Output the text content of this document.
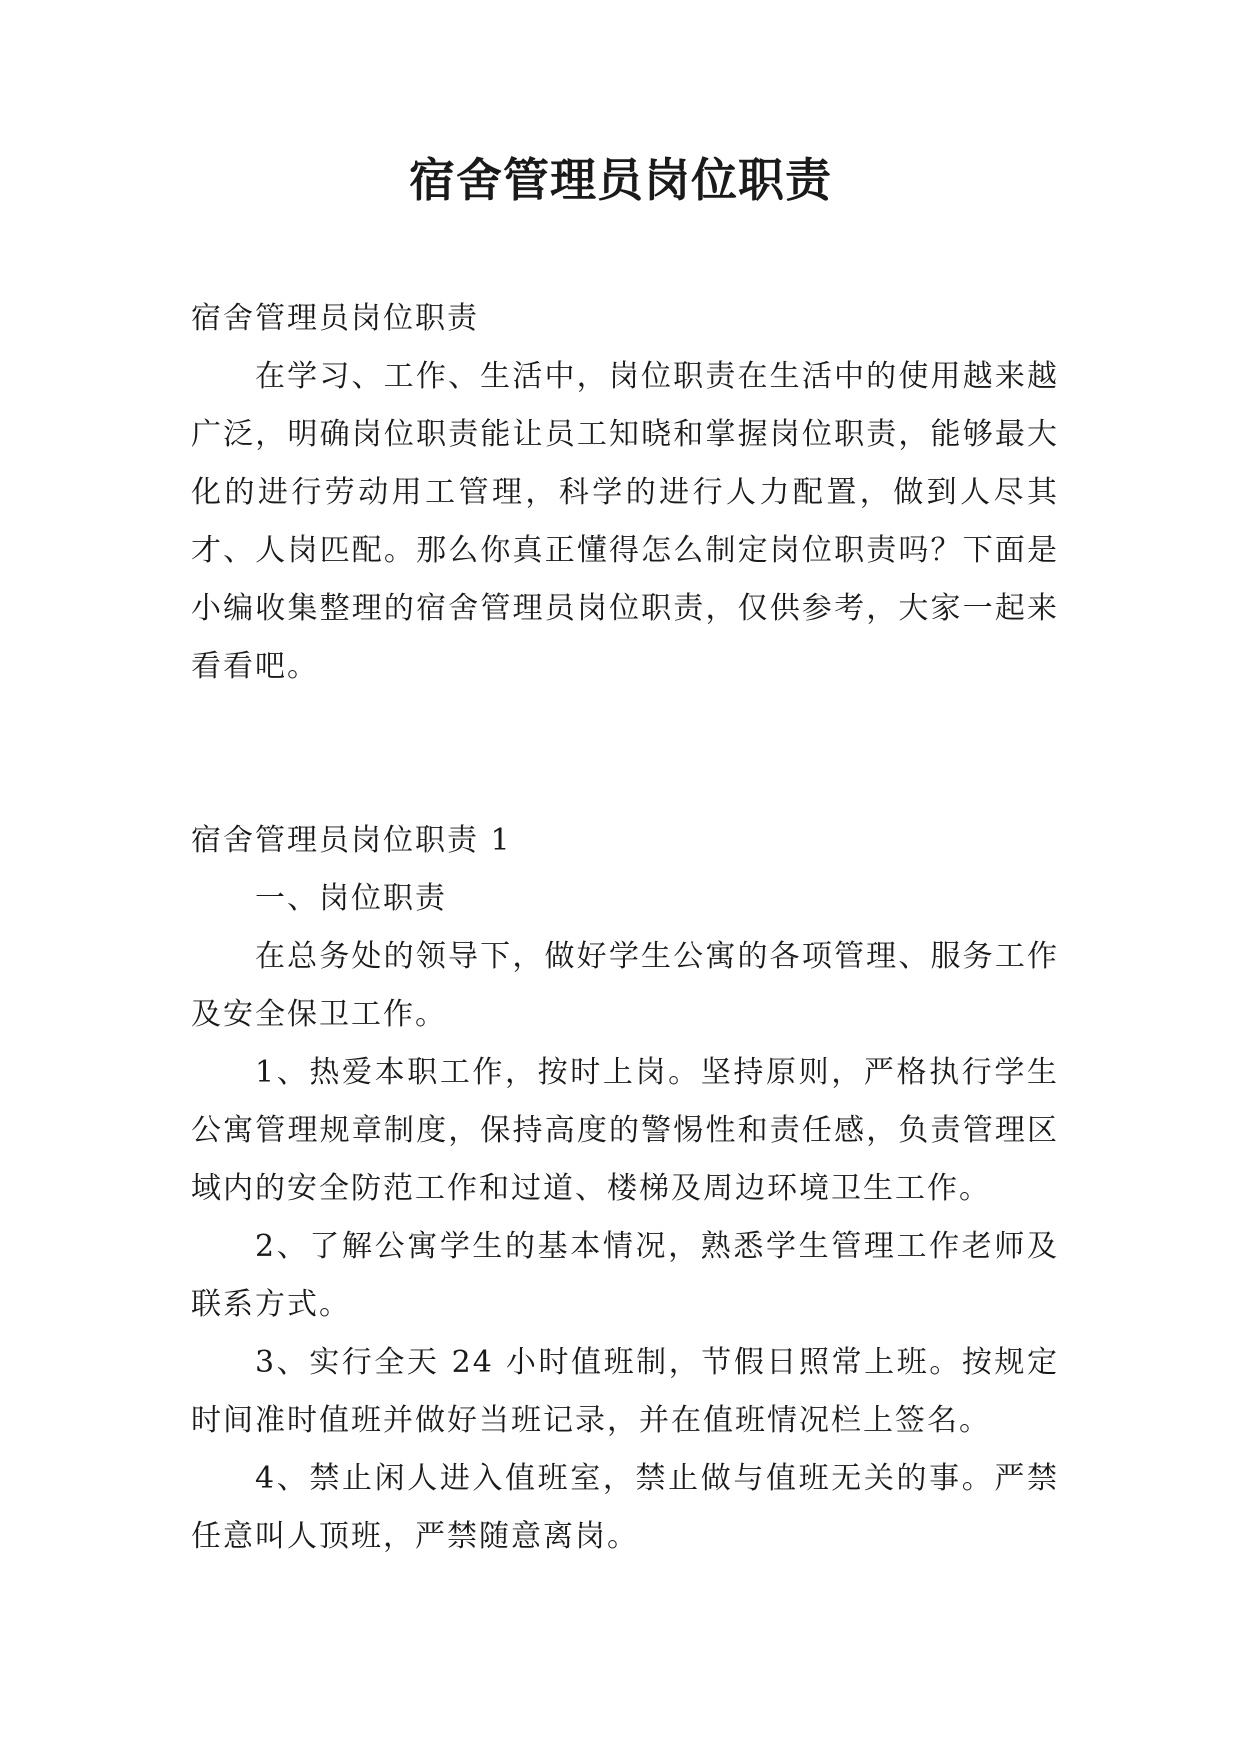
宿舍管理员岗位职责

宿舍管理员岗位职责

在学习、工作、生活中，岗位职责在生活中的使用越来越广泛，明确岗位职责能让员工知晓和掌握岗位职责，能够最大化的进行劳动用工管理，科学的进行人力配置，做到人尽其才、人岗匹配。那么你真正懂得怎么制定岗位职责吗？下面是小编收集整理的宿舍管理员岗位职责，仅供参考，大家一起来看看吧。

宿舍管理员岗位职责 1

一、岗位职责

在总务处的领导下，做好学生公寓的各项管理、服务工作及安全保卫工作。

1、热爱本职工作，按时上岗。坚持原则，严格执行学生公寓管理规章制度，保持高度的警惕性和责任感，负责管理区域内的安全防范工作和过道、楼梯及周边环境卫生工作。

2、了解公寓学生的基本情况，熟悉学生管理工作老师及联系方式。

3、实行全天 24 小时值班制，节假日照常上班。按规定时间准时值班并做好当班记录，并在值班情况栏上签名。

4、禁止闲人进入值班室，禁止做与值班无关的事。严禁任意叫人顶班，严禁随意离岗。
